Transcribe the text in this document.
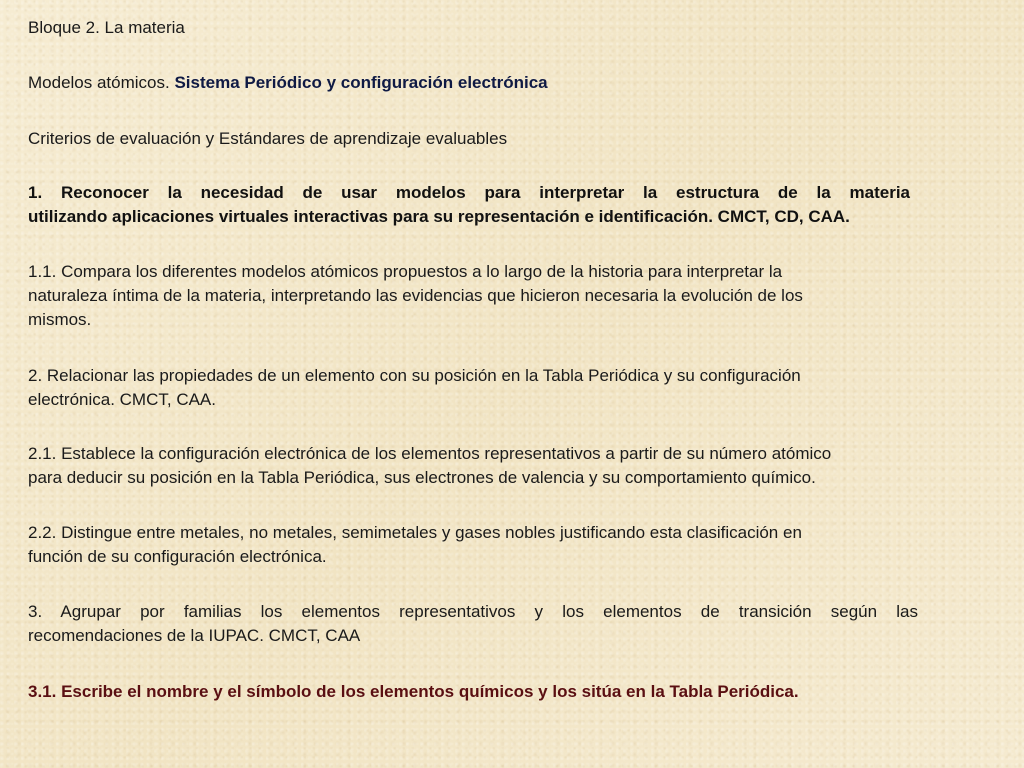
Bloque 2. La materia

Modelos atómicos. Sistema Periódico y configuración electrónica

Criterios de evaluación y Estándares de aprendizaje evaluables

1. Reconocer la necesidad de usar modelos para interpretar la estructura de la materia

utilizando aplicaciones virtuales interactivas para su representación e identificación. CMCT, CD, CAA.

1.1. Compara los diferentes modelos atómicos propuestos a lo largo de la historia para interpretar la

naturaleza íntima de la materia, interpretando las evidencias que hicieron necesaria la evolución de los

mismos.

2. Relacionar las propiedades de un elemento con su posición en la Tabla Periódica y su configuración

electrónica. CMCT, CAA.

2.1. Establece la configuración electrónica de los elementos representativos a partir de su número atómico

para deducir su posición en la Tabla Periódica, sus electrones de valencia y su comportamiento químico.

2.2. Distingue entre metales, no metales, semimetales y gases nobles justificando esta clasificación en

función de su configuración electrónica.

3. Agrupar por familias los elementos representativos y los elementos de transición según las

recomendaciones de la IUPAC. CMCT, CAA

3.1. Escribe el nombre y el símbolo de los elementos químicos y los sitúa en la Tabla Periódica.
